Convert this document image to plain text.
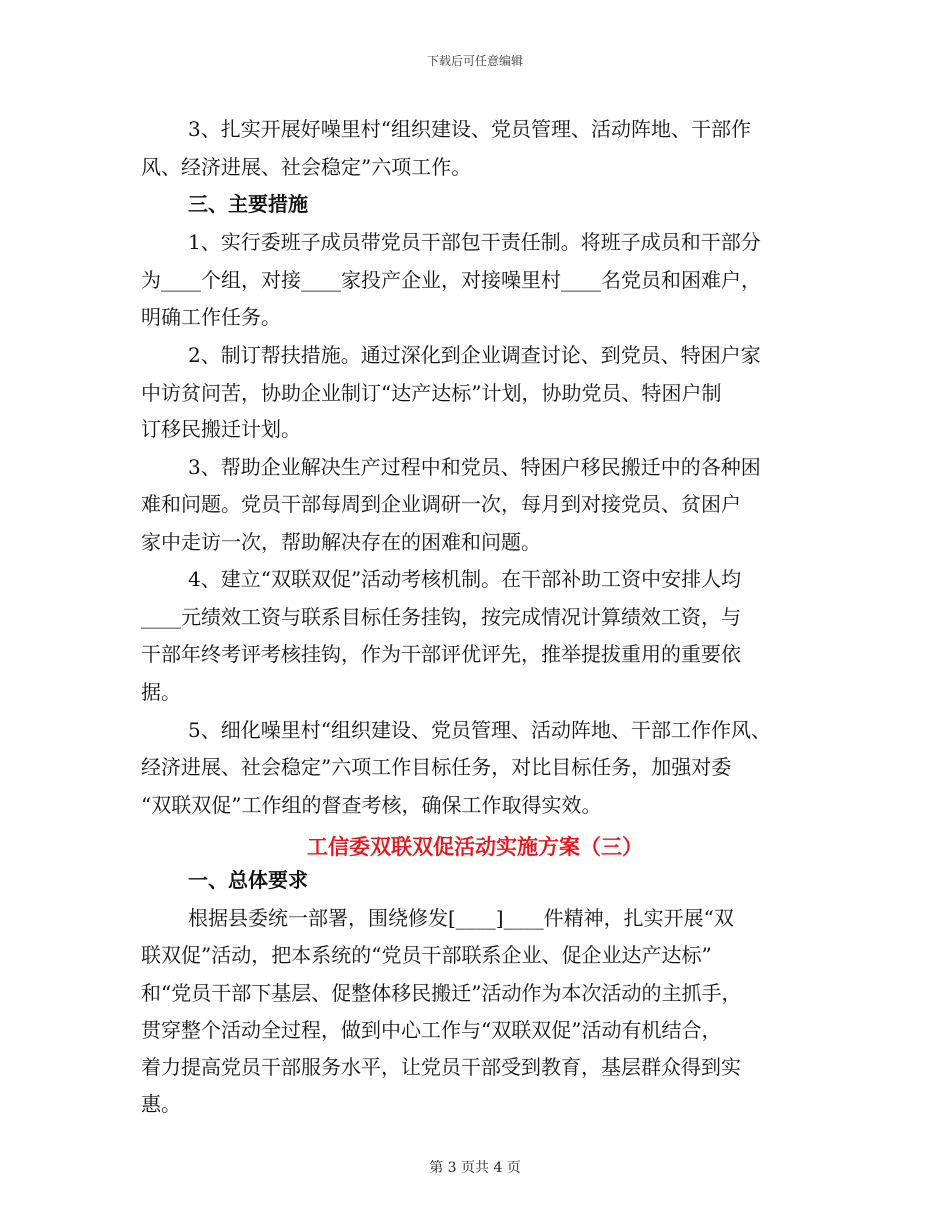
下载后可任意编辑
3、扎实开展好噪里村“组织建设、党员管理、活动阵地、干部作
风、经济进展、社会稳定”六项工作。
三、主要措施
1、实行委班子成员带党员干部包干责任制。将班子成员和干部分
为____个组，对接____家投产企业，对接噪里村____名党员和困难户，
明确工作任务。
2、制订帮扶措施。通过深化到企业调查讨论、到党员、特困户家
中访贫问苦，协助企业制订“达产达标”计划，协助党员、特困户制
订移民搬迁计划。
3、帮助企业解决生产过程中和党员、特困户移民搬迁中的各种困
难和问题。党员干部每周到企业调研一次，每月到对接党员、贫困户
家中走访一次，帮助解决存在的困难和问题。
4、建立“双联双促”活动考核机制。在干部补助工资中安排人均
____元绩效工资与联系目标任务挂钩，按完成情况计算绩效工资，与
干部年终考评考核挂钩，作为干部评优评先，推举提拔重用的重要依
据。
5、细化噪里村“组织建设、党员管理、活动阵地、干部工作作风、
经济进展、社会稳定”六项工作目标任务，对比目标任务，加强对委
“双联双促”工作组的督查考核，确保工作取得实效。
工信委双联双促活动实施方案（三）
一、总体要求
根据县委统一部署，围绕修发[____]____件精神，扎实开展“双
联双促”活动，把本系统的“党员干部联系企业、促企业达产达标”
和“党员干部下基层、促整体移民搬迁”活动作为本次活动的主抓手，
贯穿整个活动全过程，做到中心工作与“双联双促”活动有机结合，
着力提高党员干部服务水平，让党员干部受到教育，基层群众得到实
惠。
第 3 页共 4 页
